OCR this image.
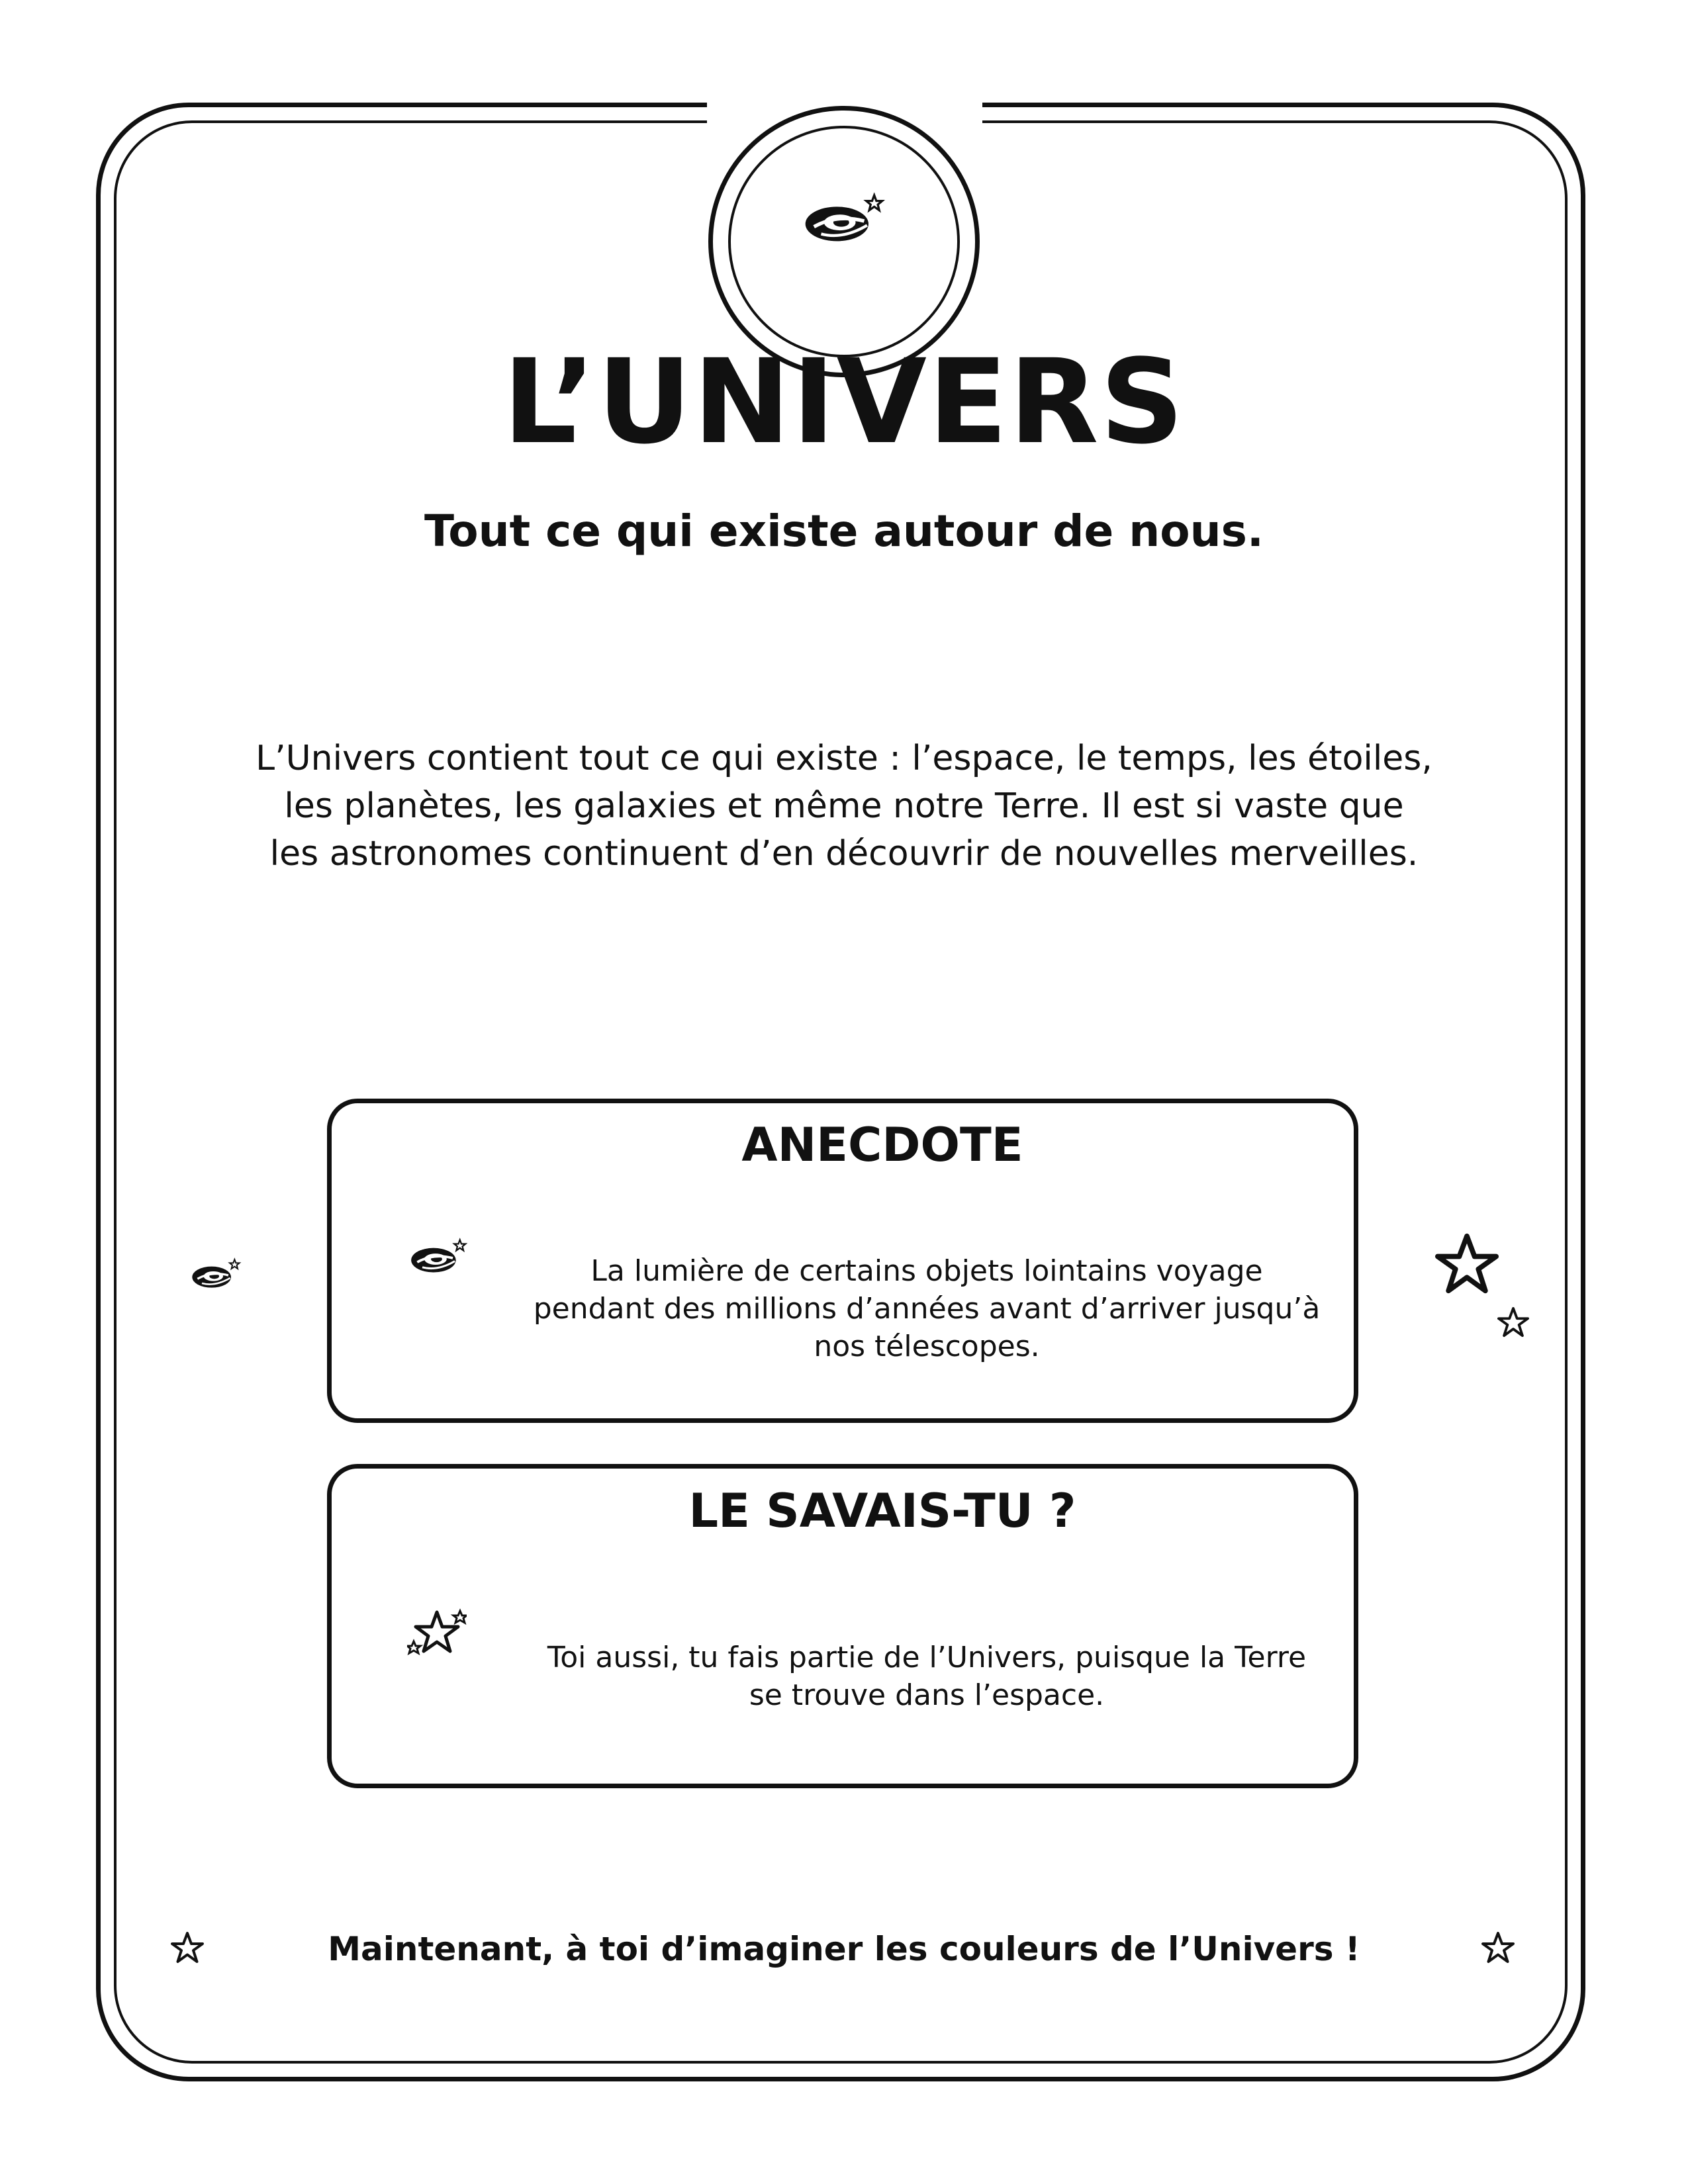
L’UNIVERS
Tout ce qui existe autour de nous.

L’Univers contient tout ce qui existe : l’espace, le temps, les étoiles,
les planètes, les galaxies et même notre Terre. Il est si vaste que
les astronomes continuent d’en découvrir de nouvelles merveilles.

ANECDOTE

La lumière de certains objets lointains voyage
pendant des millions d’années avant d’arriver jusqu’à
nos télescopes.

LE SAVAIS-TU ?

Toi aussi, tu fais partie de l’Univers, puisque la Terre
se trouve dans l’espace.

Maintenant, à toi d’imaginer les couleurs de l’Univers !
